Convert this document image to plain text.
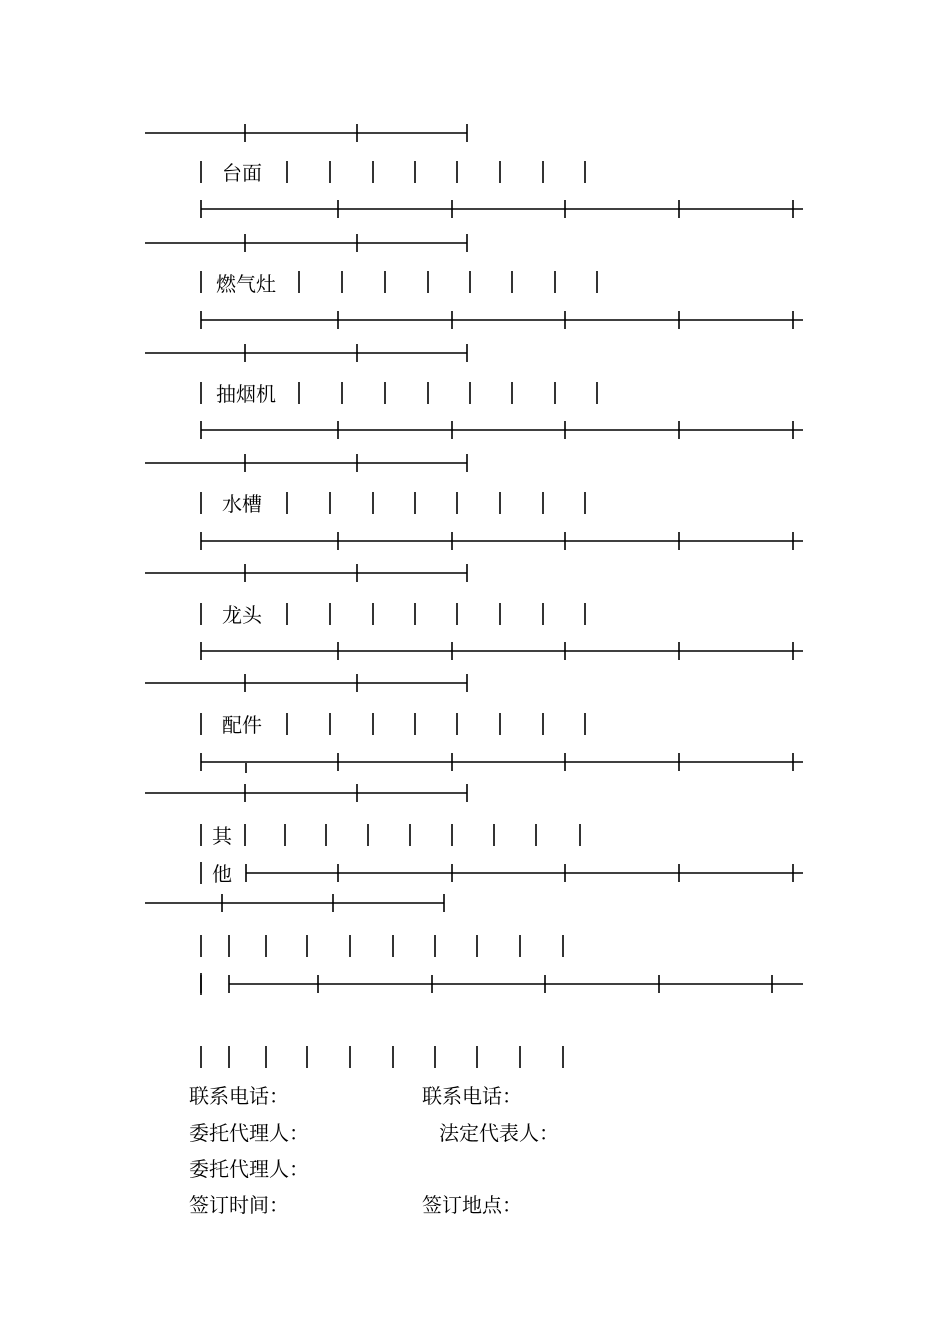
台面
燃气灶
抽烟机
水槽
龙头
配件
其
他
联系电话：	联系电话：
委托代理人：	法定代表人：
委托代理人：
签订时间：	签订地点：
